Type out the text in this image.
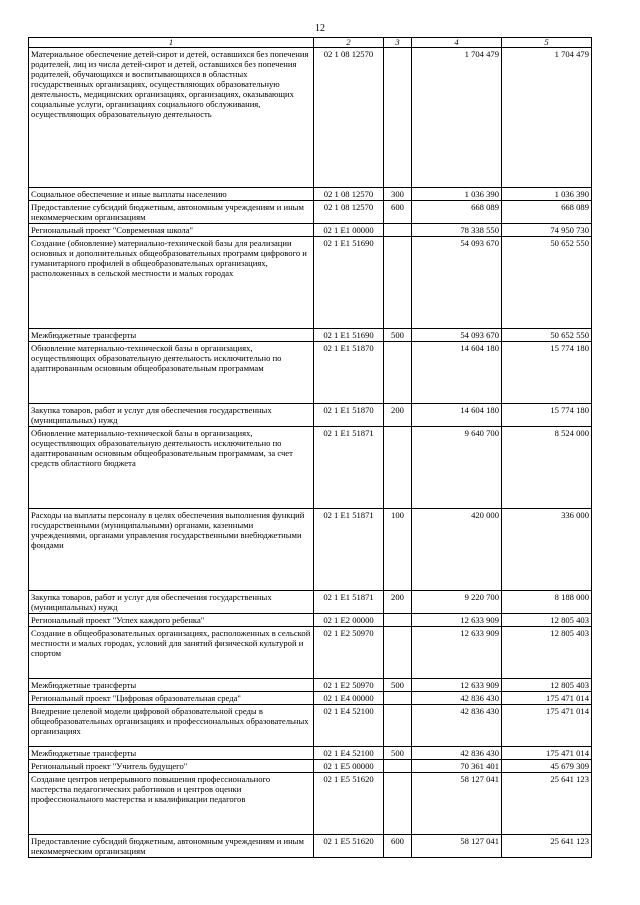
12
1	2	3	4	5
Материальное обеспечение детей-сирот и детей, оставшихся без попечения родителей, лиц из числа детей-сирот и детей, оставшихся без попечения родителей, обучающихся и воспитывающихся в областных государственных организациях, осуществляющих образовательную деятельность, медицинских организациях, организациях, оказывающих социальные услуги, организациях социального обслуживания, осуществляющих образовательную деятельность	02 1 08 12570		1 704 479	1 704 479
Социальное обеспечение и иные выплаты населению	02 1 08 12570	300	1 036 390	1 036 390
Предоставление субсидий бюджетным, автономным учреждениям и иным некоммерческим организациям	02 1 08 12570	600	668 089	668 089
Региональный проект "Современная школа"	02 1 E1 00000		78 338 550	74 950 730
Создание (обновление) материально-технической базы для реализации основных и дополнительных общеобразовательных программ цифрового и гуманитарного профилей в общеобразовательных организациях, расположенных в сельской местности и малых городах	02 1 E1 51690		54 093 670	50 652 550
Межбюджетные трансферты	02 1 E1 51690	500	54 093 670	50 652 550
Обновление материально-технической базы в организациях, осуществляющих образовательную деятельность исключительно по адаптированным основным общеобразовательным программам	02 1 E1 51870		14 604 180	15 774 180
Закупка товаров, работ и услуг для обеспечения государственных (муниципальных) нужд	02 1 E1 51870	200	14 604 180	15 774 180
Обновление материально-технической базы в организациях, осуществляющих образовательную деятельность исключительно по адаптированным основным общеобразовательным программам, за счет средств областного бюджета	02 1 E1 51871		9 640 700	8 524 000
Расходы на выплаты персоналу в целях обеспечения выполнения функций государственными (муниципальными) органами, казенными учреждениями, органами управления государственными внебюджетными фондами	02 1 E1 51871	100	420 000	336 000
Закупка товаров, работ и услуг для обеспечения государственных (муниципальных) нужд	02 1 E1 51871	200	9 220 700	8 188 000
Региональный проект "Успех каждого ребенка"	02 1 E2 00000		12 633 909	12 805 403
Создание в общеобразовательных организациях, расположенных в сельской местности и малых городах, условий для занятий физической культурой и спортом	02 1 E2 50970		12 633 909	12 805 403
Межбюджетные трансферты	02 1 E2 50970	500	12 633 909	12 805 403
Региональный проект "Цифровая образовательная среда"	02 1 E4 00000		42 836 430	175 471 014
Внедрение целевой модели цифровой образовательной среды в общеобразовательных организациях и профессиональных образовательных организациях	02 1 E4 52100		42 836 430	175 471 014
Межбюджетные трансферты	02 1 E4 52100	500	42 836 430	175 471 014
Региональный проект "Учитель будущего"	02 1 E5 00000		70 361 401	45 679 309
Создание центров непрерывного повышения профессионального мастерства педагогических работников и центров оценки профессионального мастерства и квалификации педагогов	02 1 E5 51620		58 127 041	25 641 123
Предоставление субсидий бюджетным, автономным учреждениям и иным некоммерческим организациям	02 1 E5 51620	600	58 127 041	25 641 123
